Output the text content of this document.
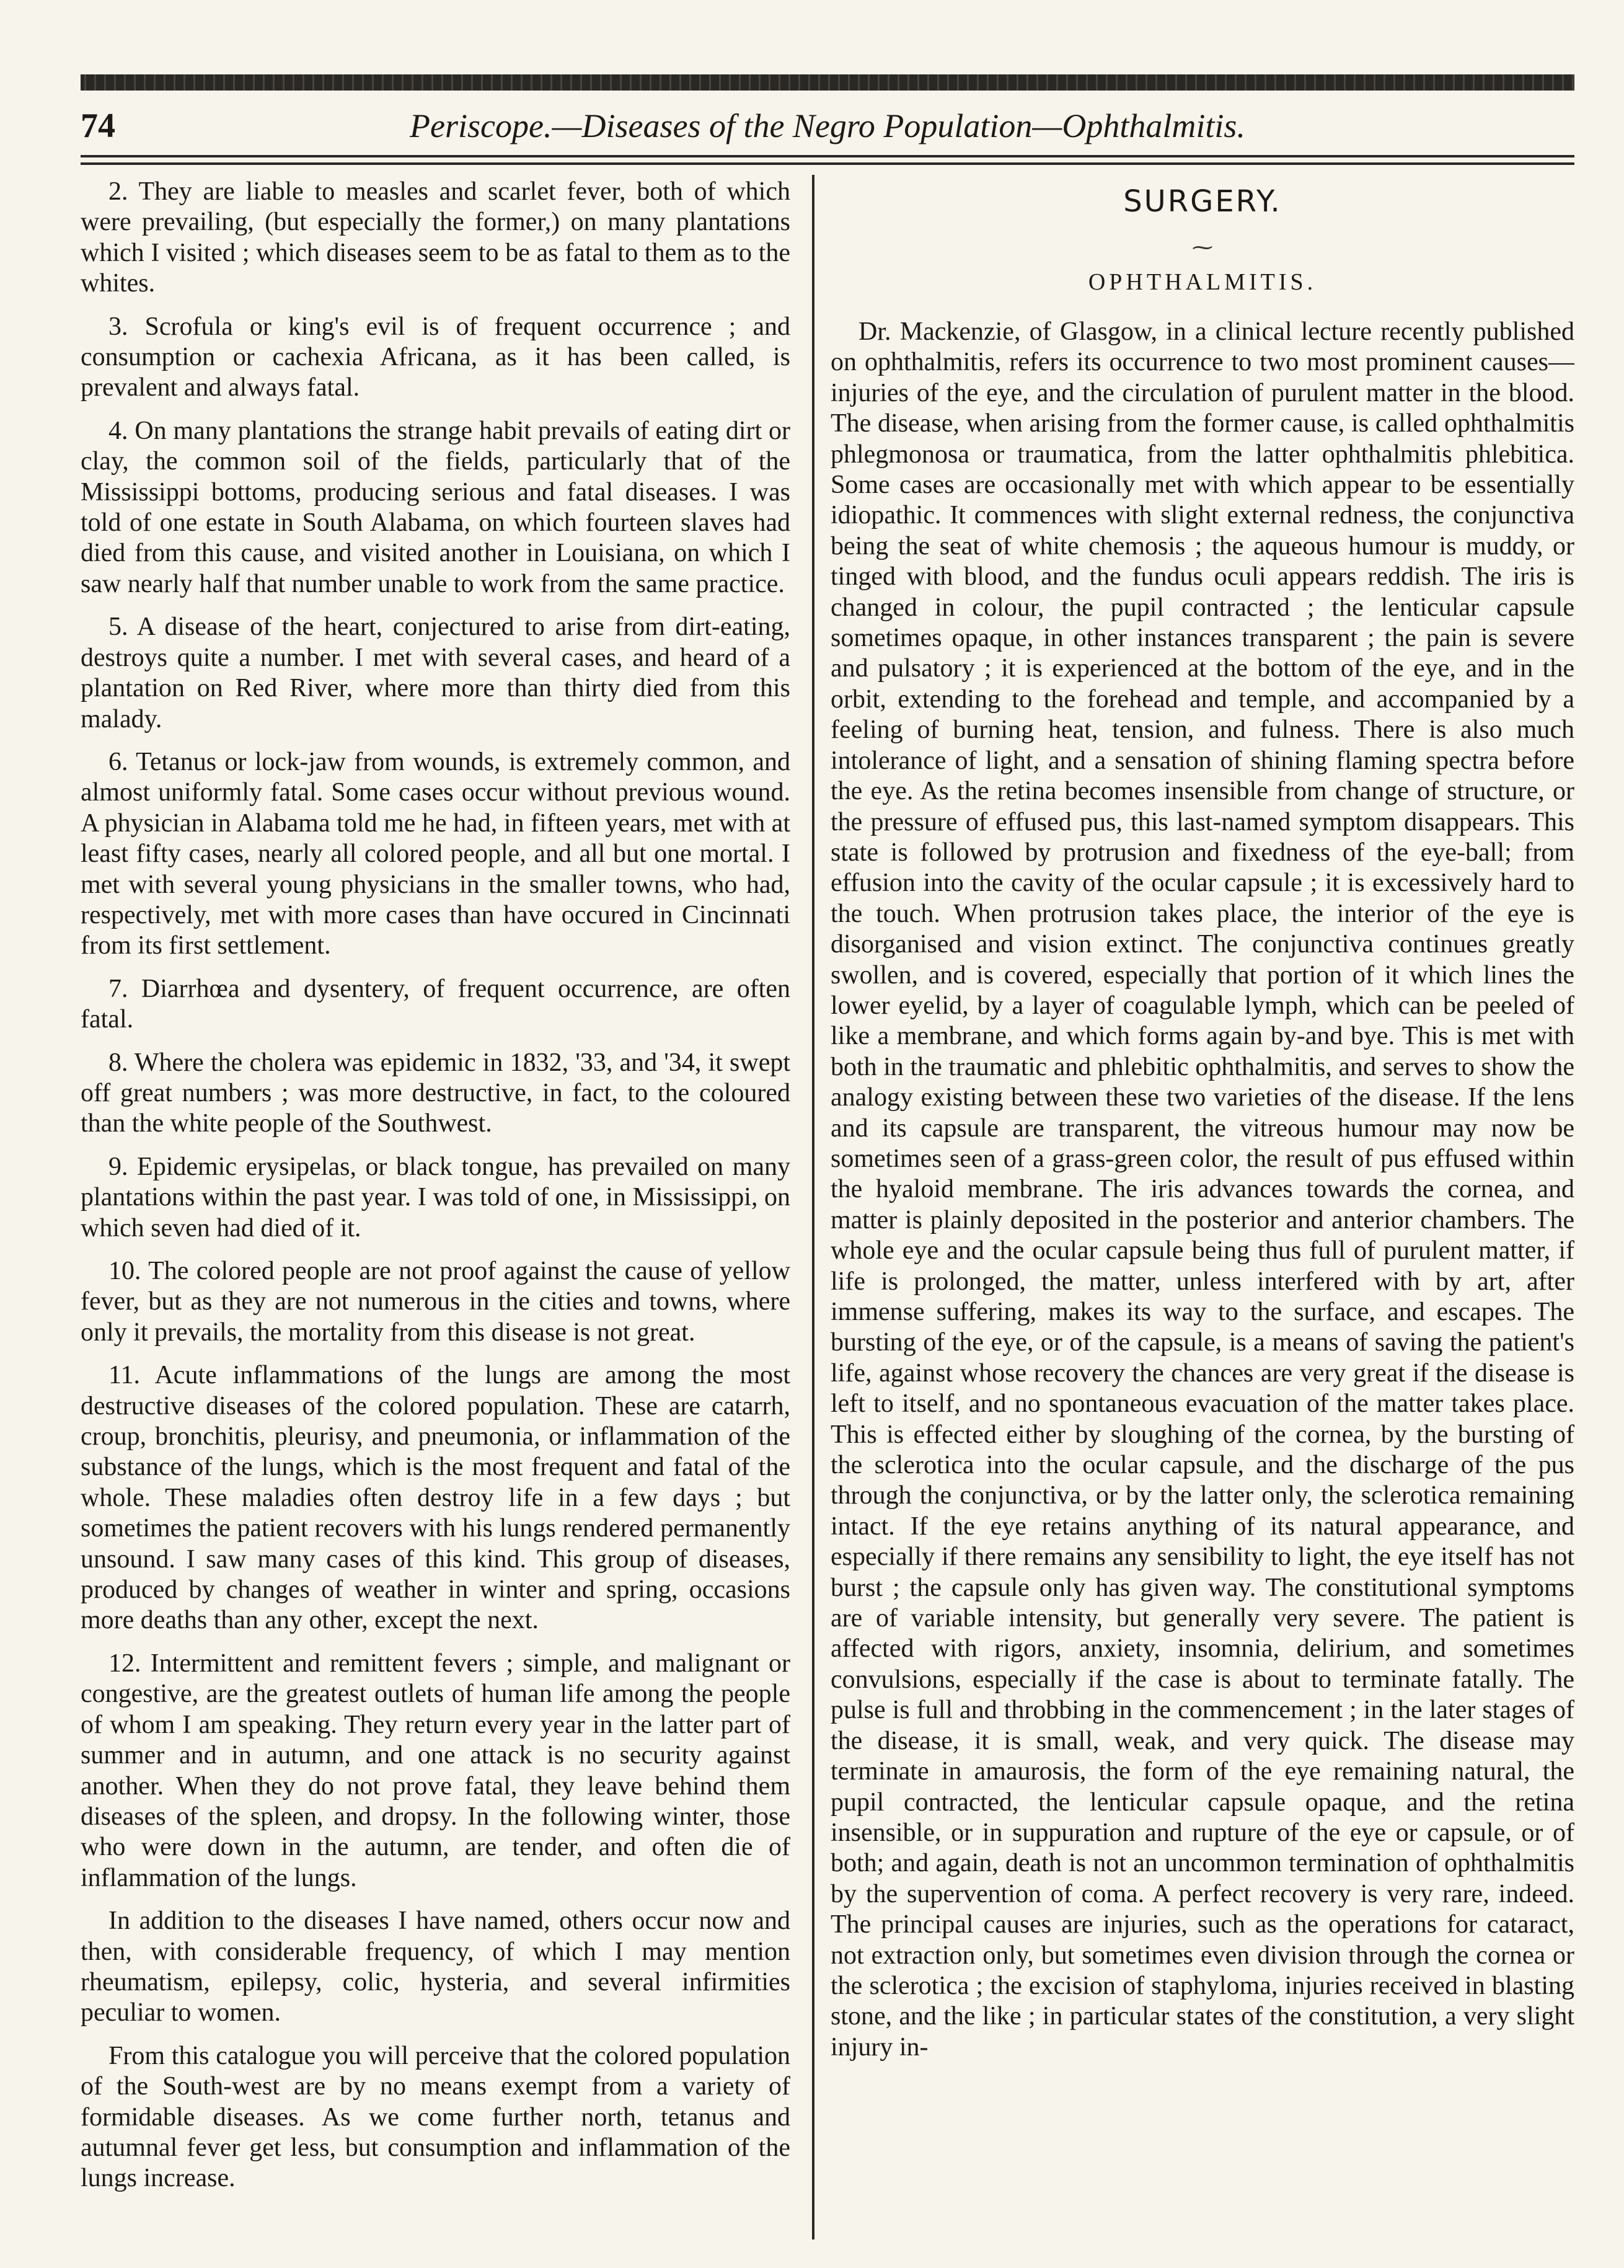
74	Periscope.—Diseases of the Negro Population—Ophthalmitis.

2. They are liable to measles and scarlet fever, both of which were prevailing, (but especially the former,) on many plantations which I visited ; which diseases seem to be as fatal to them as to the whites.

3. Scrofula or king's evil is of frequent occurrence ; and consumption or cachexia Africana, as it has been called, is prevalent and always fatal.

4. On many plantations the strange habit prevails of eating dirt or clay, the common soil of the fields, particularly that of the Mississippi bottoms, producing serious and fatal diseases. I was told of one estate in South Alabama, on which fourteen slaves had died from this cause, and visited another in Louisiana, on which I saw nearly half that number unable to work from the same practice.

5. A disease of the heart, conjectured to arise from dirt-eating, destroys quite a number. I met with several cases, and heard of a plantation on Red River, where more than thirty died from this malady.

6. Tetanus or lock-jaw from wounds, is extremely common, and almost uniformly fatal. Some cases occur without previous wound. A physician in Alabama told me he had, in fifteen years, met with at least fifty cases, nearly all colored people, and all but one mortal. I met with several young physicians in the smaller towns, who had, respectively, met with more cases than have occured in Cincinnati from its first settlement.

7. Diarrhœa and dysentery, of frequent occurrence, are often fatal.

8. Where the cholera was epidemic in 1832, '33, and '34, it swept off great numbers ; was more destructive, in fact, to the coloured than the white people of the Southwest.

9. Epidemic erysipelas, or black tongue, has prevailed on many plantations within the past year. I was told of one, in Mississippi, on which seven had died of it.

10. The colored people are not proof against the cause of yellow fever, but as they are not numerous in the cities and towns, where only it prevails, the mortality from this disease is not great.

11. Acute inflammations of the lungs are among the most destructive diseases of the colored population. These are catarrh, croup, bronchitis, pleurisy, and pneumonia, or inflammation of the substance of the lungs, which is the most frequent and fatal of the whole. These maladies often destroy life in a few days ; but sometimes the patient recovers with his lungs rendered permanently unsound. I saw many cases of this kind. This group of diseases, produced by changes of weather in winter and spring, occasions more deaths than any other, except the next.

12. Intermittent and remittent fevers ; simple, and malignant or congestive, are the greatest outlets of human life among the people of whom I am speaking. They return every year in the latter part of summer and in autumn, and one attack is no security against another. When they do not prove fatal, they leave behind them diseases of the spleen, and dropsy. In the following winter, those who were down in the autumn, are tender, and often die of inflammation of the lungs.

In addition to the diseases I have named, others occur now and then, with considerable frequency, of which I may mention rheumatism, epilepsy, colic, hysteria, and several infirmities peculiar to women.

From this catalogue you will perceive that the colored population of the South-west are by no means exempt from a variety of formidable diseases. As we come further north, tetanus and autumnal fever get less, but consumption and inflammation of the lungs increase.

SURGERY.
⁓
OPHTHALMITIS.

Dr. Mackenzie, of Glasgow, in a clinical lecture recently published on ophthalmitis, refers its occurrence to two most prominent causes—injuries of the eye, and the circulation of purulent matter in the blood. The disease, when arising from the former cause, is called ophthalmitis phlegmonosa or traumatica, from the latter ophthalmitis phlebitica. Some cases are occasionally met with which appear to be essentially idiopathic. It commences with slight external redness, the conjunctiva being the seat of white chemosis ; the aqueous humour is muddy, or tinged with blood, and the fundus oculi appears reddish. The iris is changed in colour, the pupil contracted ; the lenticular capsule sometimes opaque, in other instances transparent ; the pain is severe and pulsatory ; it is experienced at the bottom of the eye, and in the orbit, extending to the forehead and temple, and accompanied by a feeling of burning heat, tension, and fulness. There is also much intolerance of light, and a sensation of shining flaming spectra before the eye. As the retina becomes insensible from change of structure, or the pressure of effused pus, this last-named symptom disappears. This state is followed by protrusion and fixedness of the eye-ball; from effusion into the cavity of the ocular capsule ; it is excessively hard to the touch. When protrusion takes place, the interior of the eye is disorganised and vision extinct. The conjunctiva continues greatly swollen, and is covered, especially that portion of it which lines the lower eyelid, by a layer of coagulable lymph, which can be peeled of like a membrane, and which forms again by-and bye. This is met with both in the traumatic and phlebitic ophthalmitis, and serves to show the analogy existing between these two varieties of the disease. If the lens and its capsule are transparent, the vitreous humour may now be sometimes seen of a grass-green color, the result of pus effused within the hyaloid membrane. The iris advances towards the cornea, and matter is plainly deposited in the posterior and anterior chambers. The whole eye and the ocular capsule being thus full of purulent matter, if life is prolonged, the matter, unless interfered with by art, after immense suffering, makes its way to the surface, and escapes. The bursting of the eye, or of the capsule, is a means of saving the patient's life, against whose recovery the chances are very great if the disease is left to itself, and no spontaneous evacuation of the matter takes place. This is effected either by sloughing of the cornea, by the bursting of the sclerotica into the ocular capsule, and the discharge of the pus through the conjunctiva, or by the latter only, the sclerotica remaining intact. If the eye retains anything of its natural appearance, and especially if there remains any sensibility to light, the eye itself has not burst ; the capsule only has given way. The constitutional symptoms are of variable intensity, but generally very severe. The patient is affected with rigors, anxiety, insomnia, delirium, and sometimes convulsions, especially if the case is about to terminate fatally. The pulse is full and throbbing in the commencement ; in the later stages of the disease, it is small, weak, and very quick. The disease may terminate in amaurosis, the form of the eye remaining natural, the pupil contracted, the lenticular capsule opaque, and the retina insensible, or in suppuration and rupture of the eye or capsule, or of both; and again, death is not an uncommon termination of ophthalmitis by the supervention of coma. A perfect recovery is very rare, indeed. The principal causes are injuries, such as the operations for cataract, not extraction only, but sometimes even division through the cornea or the sclerotica ; the excision of staphyloma, injuries received in blasting stone, and the like ; in particular states of the constitution, a very slight injury in-
